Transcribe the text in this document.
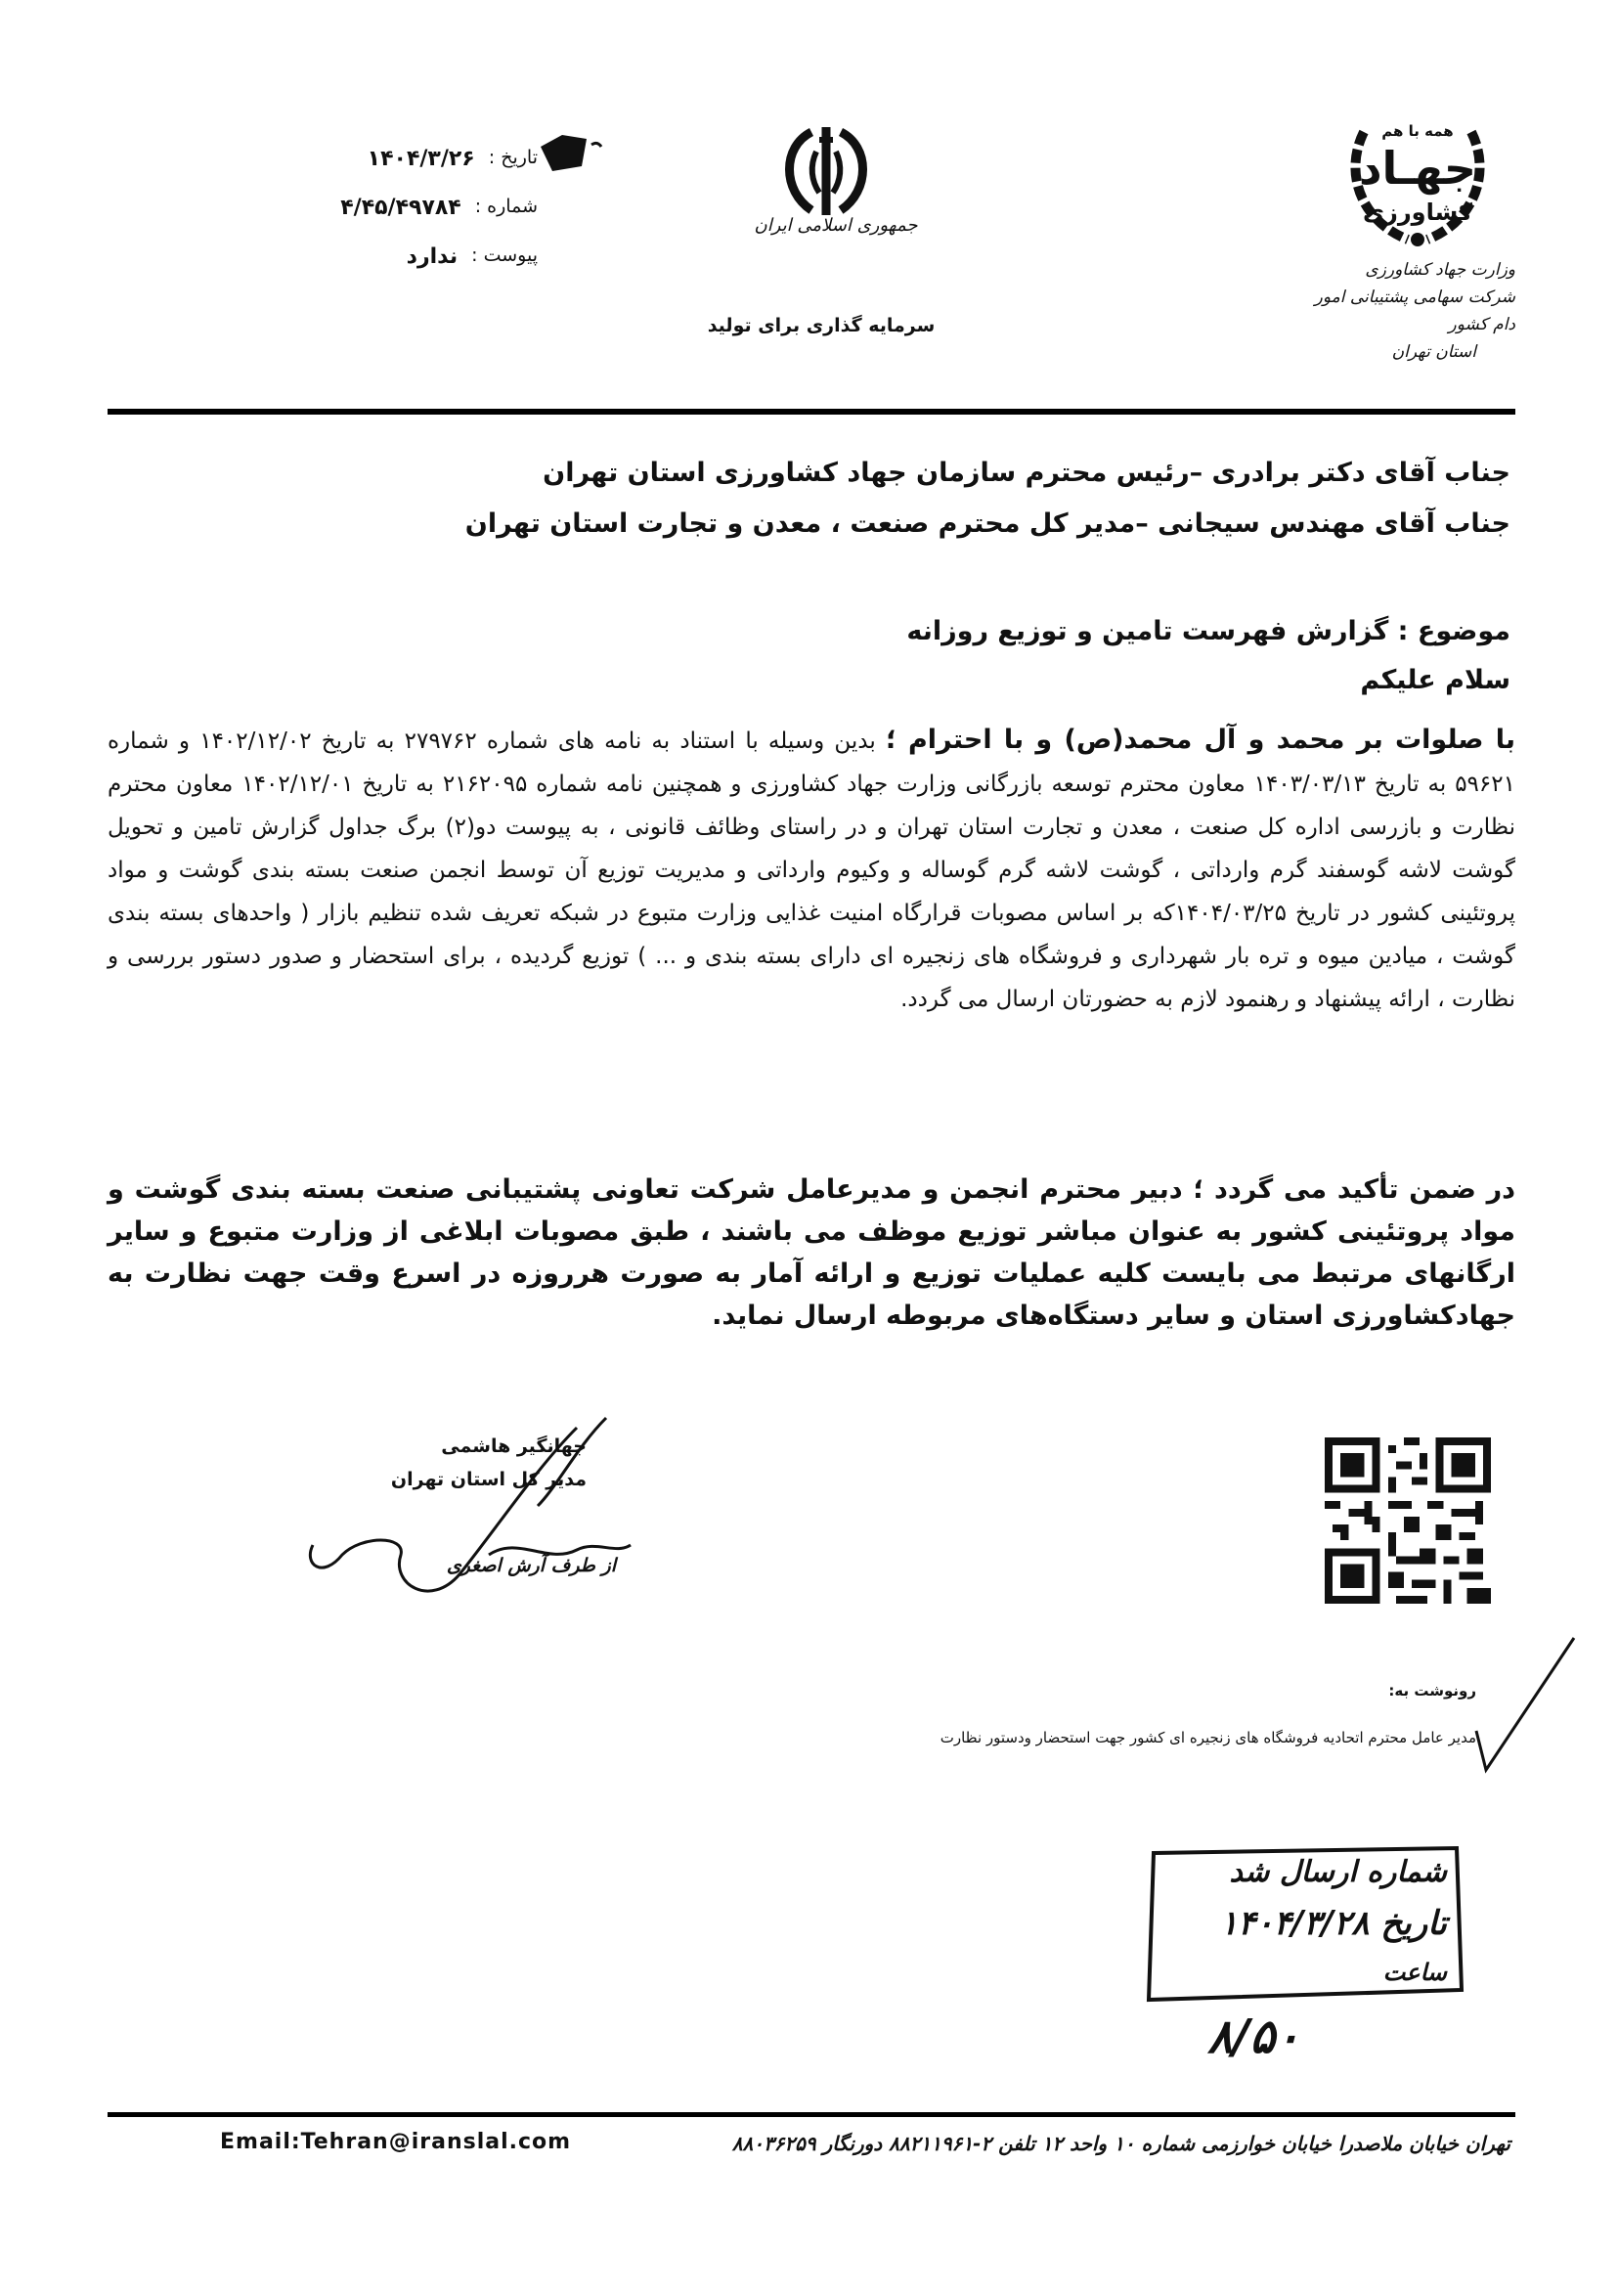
تاریخ :
۱۴۰۴/۳/۲۶
شماره :
۴/۴۵/۴۹۷۸۴
پیوست :
ندارد
جمهوری اسلامی ایران
سرمایه گذاری برای تولید
همه با هم
جهـاد
کشاورزی
وزارت جهاد کشاورزی
شرکت سهامی پشتیبانی امور دام کشور
استان تهران
جناب آقای دکتر برادری –رئیس محترم سازمان جهاد کشاورزی استان تهران
جناب آقای مهندس سیجانی –مدیر کل محترم صنعت ، معدن و تجارت استان تهران
موضوع : گزارش فهرست تامین و توزیع روزانه
سلام علیکم
با صلوات بر محمد و آل محمد(ص) و با احترام ؛ بدین وسیله با استناد به نامه های شماره ۲۷۹۷۶۲ به تاریخ ۱۴۰۲/۱۲/۰۲ و شماره ۵۹۶۲۱ به تاریخ ۱۴۰۳/۰۳/۱۳ معاون محترم توسعه بازرگانی وزارت جهاد کشاورزی و همچنین نامه شماره ۲۱۶۲۰۹۵ به تاریخ ۱۴۰۲/۱۲/۰۱ معاون محترم نظارت و بازرسی اداره کل صنعت ، معدن و تجارت استان تهران و در راستای وظائف قانونی ، به پیوست دو(۲) برگ جداول گزارش تامین و تحویل گوشت لاشه گوسفند گرم وارداتی ، گوشت لاشه گرم گوساله و وکیوم وارداتی و مدیریت توزیع آن توسط انجمن صنعت بسته بندی گوشت و مواد پروتئینی کشور در تاریخ ۱۴۰۴/۰۳/۲۵که بر اساس مصوبات قرارگاه امنیت غذایی وزارت متبوع در شبکه تعریف شده تنظیم بازار ( واحدهای بسته بندی گوشت ، میادین میوه و تره بار شهرداری و فروشگاه های زنجیره ای دارای بسته بندی و ... ) توزیع گردیده ، برای استحضار و صدور دستور بررسی و نظارت ، ارائه پیشنهاد و رهنمود لازم به حضورتان ارسال می گردد.
در ضمن تأکید می گردد ؛ دبیر محترم انجمن و مدیرعامل شرکت تعاونی پشتیبانی صنعت بسته بندی گوشت و مواد پروتئینی کشور به عنوان مباشر توزیع موظف می باشند ، طبق مصوبات ابلاغی از وزارت متبوع و سایر ارگانهای مرتبط می بایست کلیه عملیات توزیع و ارائه آمار به صورت هرروزه در اسرع وقت جهت نظارت به جهادکشاورزی استان و سایر دستگاه‌های مربوطه ارسال نماید.
جهانگیر هاشمی
مدیر کل استان تهران
از طرف آرش اصغری
رونوشت به:
مدیر عامل محترم اتحادیه فروشگاه های زنجیره ای کشور جهت استحضار ودستور نظارت
شماره ارسال شد
تاریخ ۱۴۰۴/۳/۲۸
ساعت
۸/۵۰
تهران خیابان ملاصدرا خیابان خوارزمی شماره ۱۰ واحد ۱۲ تلفن ۲-۸۸۲۱۱۹۶۱ دورنگار ۸۸۰۳۶۲۵۹
Email:Tehran@iranslal.com
